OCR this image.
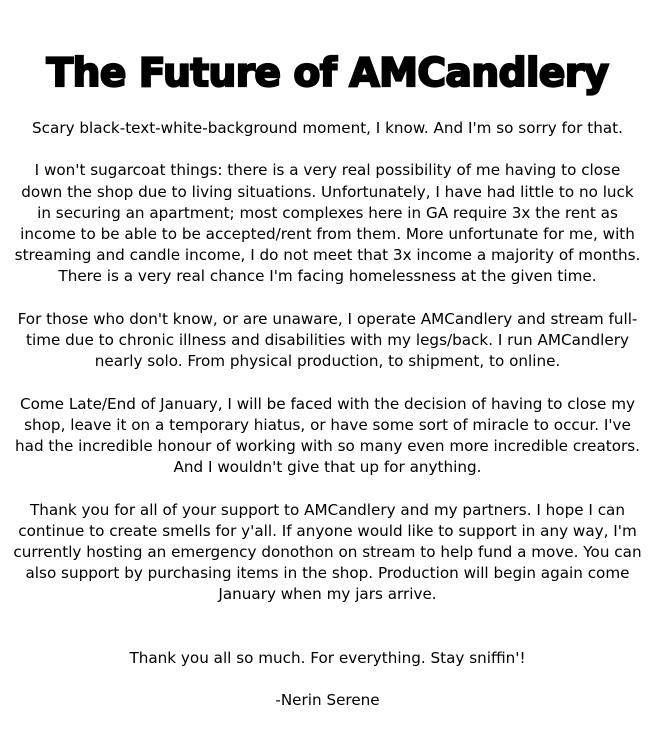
The Future of AMCandlery

Scary black-text-white-background moment, I know. And I'm so sorry for that.

I won't sugarcoat things: there is a very real possibility of me having to close down the shop due to living situations. Unfortunately, I have had little to no luck in securing an apartment; most complexes here in GA require 3x the rent as income to be able to be accepted/rent from them. More unfortunate for me, with streaming and candle income, I do not meet that 3x income a majority of months. There is a very real chance I'm facing homelessness at the given time.

For those who don't know, or are unaware, I operate AMCandlery and stream full-time due to chronic illness and disabilities with my legs/back. I run AMCandlery nearly solo. From physical production, to shipment, to online.

Come Late/End of January, I will be faced with the decision of having to close my shop, leave it on a temporary hiatus, or have some sort of miracle to occur. I've had the incredible honour of working with so many even more incredible creators. And I wouldn't give that up for anything.

Thank you for all of your support to AMCandlery and my partners. I hope I can continue to create smells for y'all. If anyone would like to support in any way, I'm currently hosting an emergency donothon on stream to help fund a move. You can also support by purchasing items in the shop. Production will begin again come January when my jars arrive.

Thank you all so much. For everything. Stay sniffin'!

-Nerin Serene
